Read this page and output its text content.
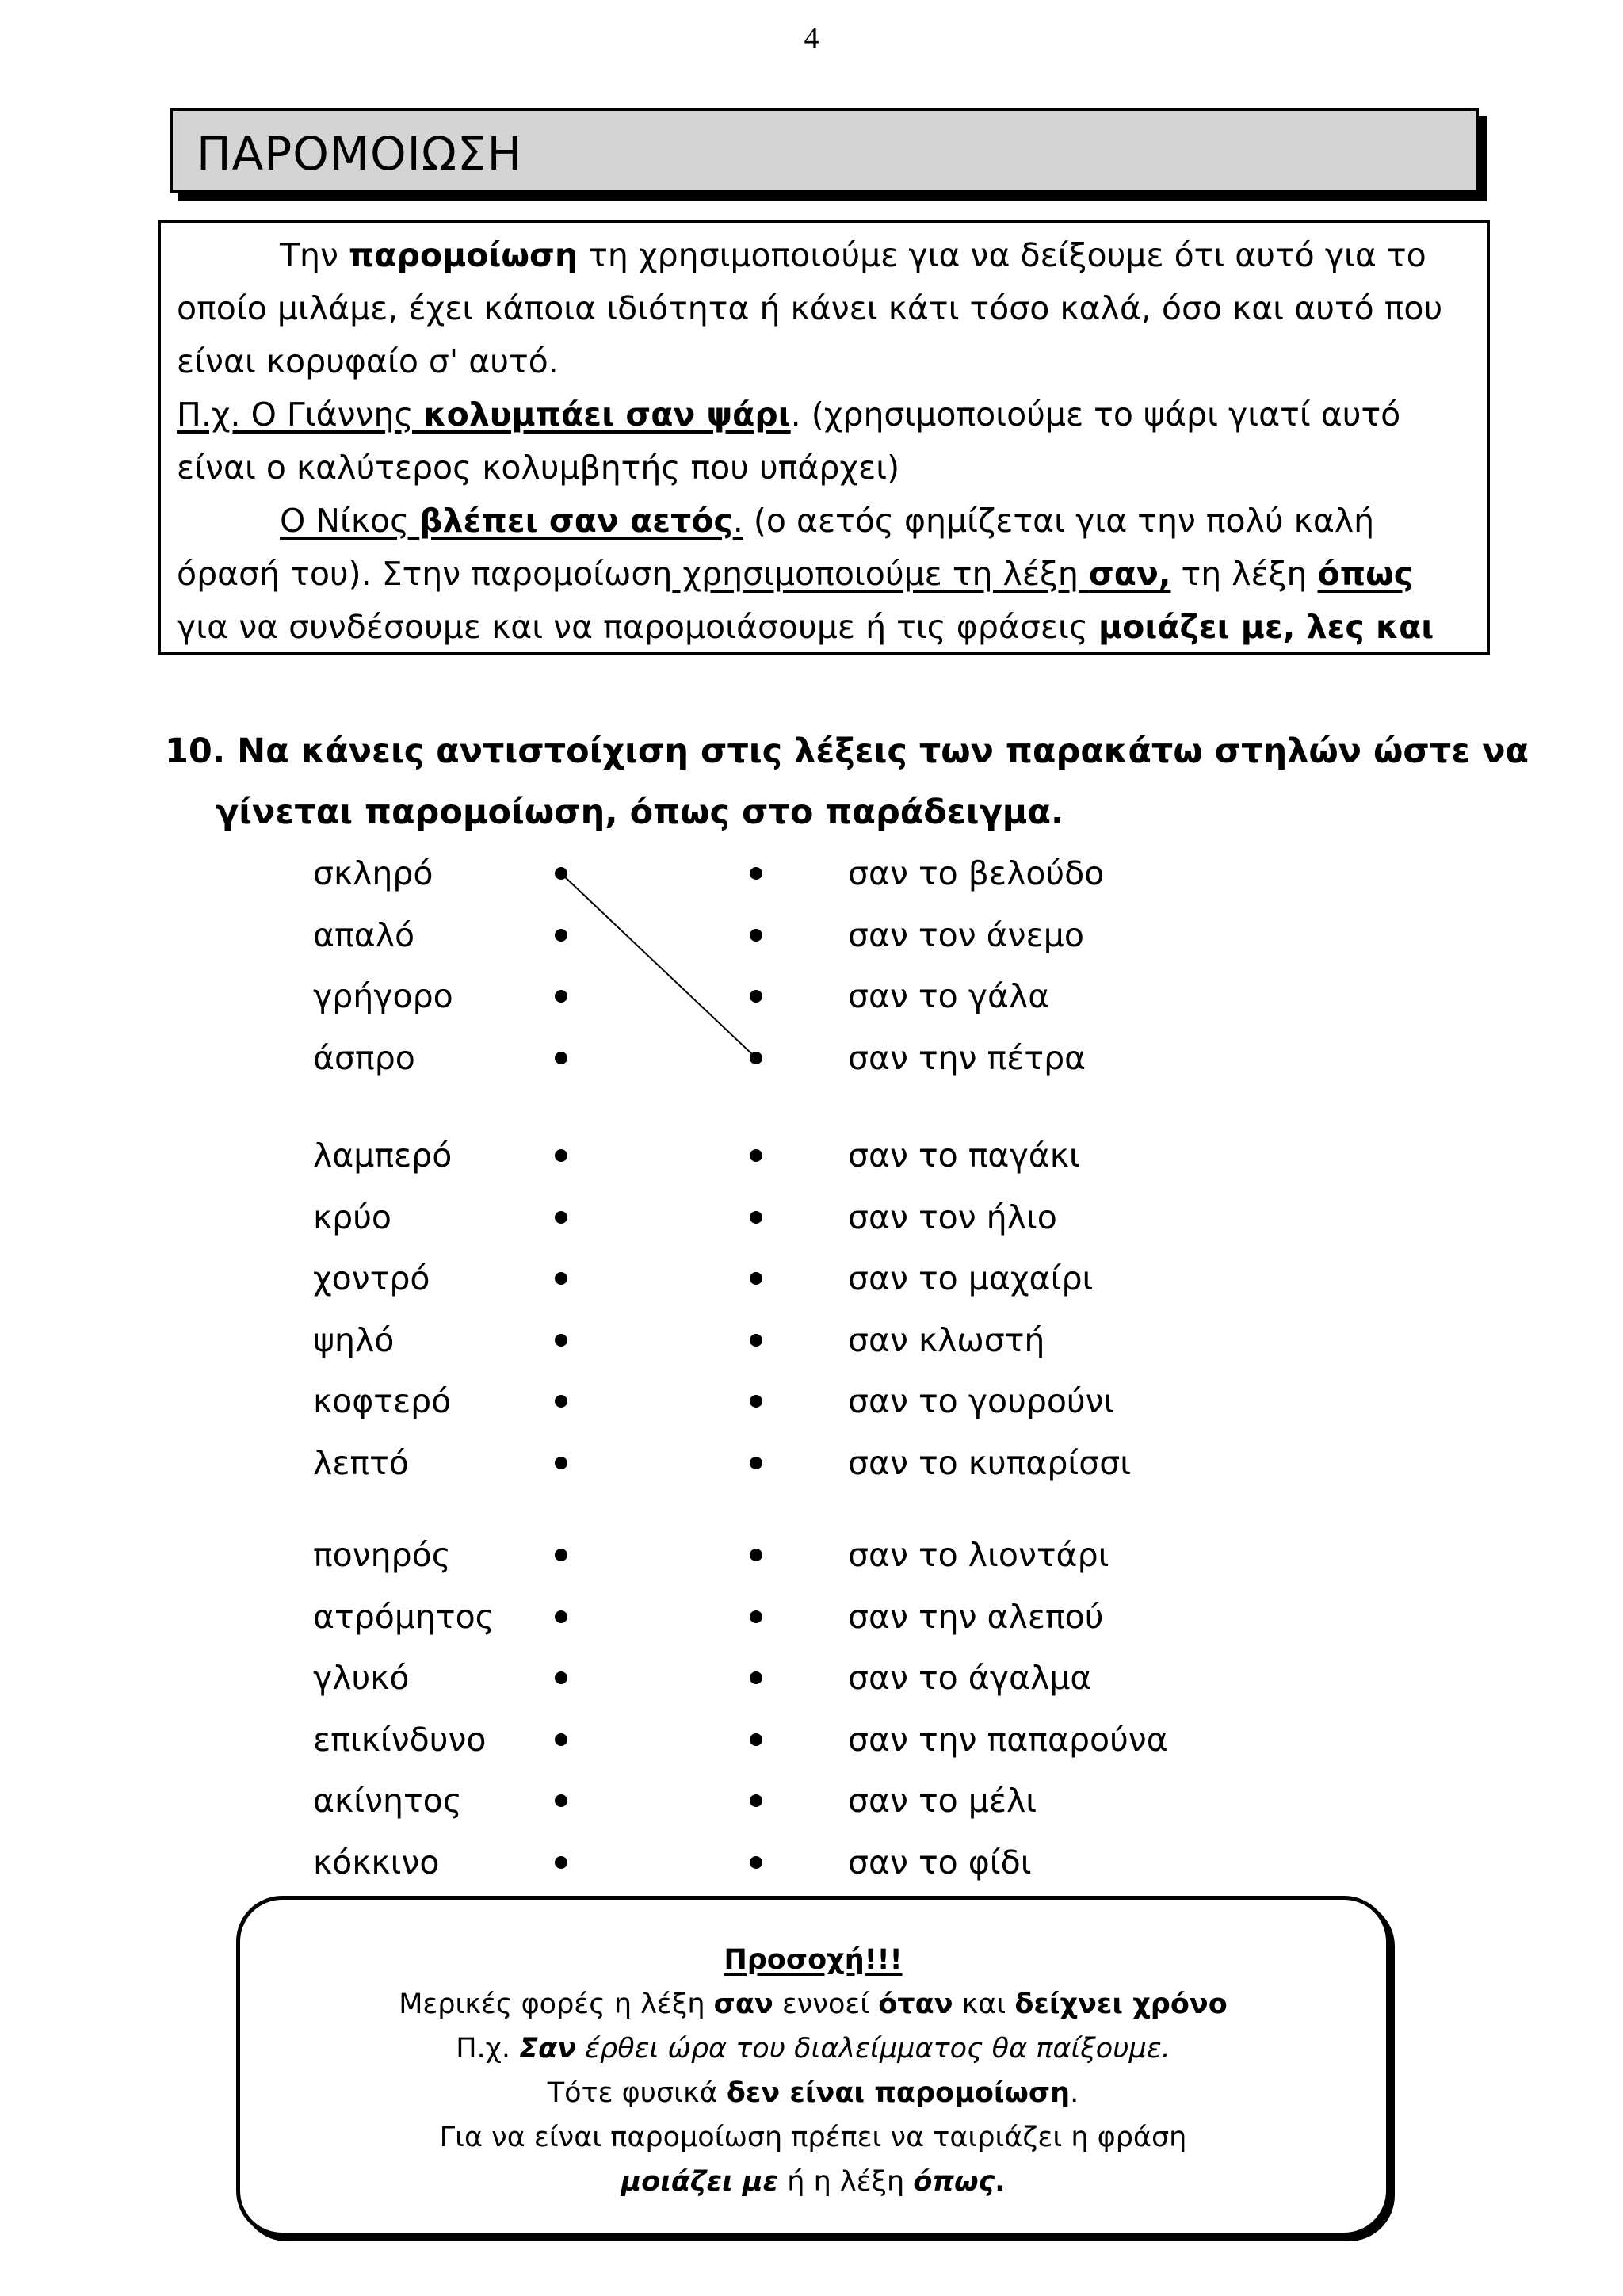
4
ΠΑΡΟΜΟΙΩΣΗ

Την παρομοίωση τη χρησιμοποιούμε για να δείξουμε ότι αυτό για το

οποίο μιλάμε, έχει κάποια ιδιότητα ή κάνει κάτι τόσο καλά, όσο και αυτό που

είναι κορυφαίο σ' αυτό.

Π.χ. Ο Γιάννης κολυμπάει σαν ψάρι. (χρησιμοποιούμε το ψάρι γιατί αυτό

είναι ο καλύτερος κολυμβητής που υπάρχει)

Ο Νίκος βλέπει σαν αετός. (ο αετός φημίζεται για την πολύ καλή

όρασή του). Στην παρομοίωση χρησιμοποιούμε τη λέξη σαν, τη λέξη όπως

για να συνδέσουμε και να παρομοιάσουμε ή τις φράσεις μοιάζει με, λες και

10. Να κάνεις αντιστοίχιση στις λέξεις των παρακάτω στηλών ώστε να
γίνεται παρομοίωση, όπως στο παράδειγμα.
σκληρό	σαν το βελούδο
απαλό	σαν τον άνεμο
γρήγορο	σαν το γάλα
άσπρο	σαν την πέτρα
λαμπερό	σαν το παγάκι
κρύο	σαν τον ήλιο
χοντρό	σαν το μαχαίρι
ψηλό	σαν κλωστή
κοφτερό	σαν το γουρούνι
λεπτό	σαν το κυπαρίσσι
πονηρός	σαν το λιοντάρι
ατρόμητος	σαν την αλεπού
γλυκό	σαν το άγαλμα
επικίνδυνο	σαν την παπαρούνα
ακίνητος	σαν το μέλι
κόκκινο	σαν το φίδι

Προσοχή!!!

Μερικές φορές η λέξη σαν εννοεί όταν και δείχνει χρόνο

Π.χ. Σαν έρθει ώρα του διαλείμματος θα παίξουμε.

Τότε φυσικά δεν είναι παρομοίωση.

Για να είναι παρομοίωση πρέπει να ταιριάζει η φράση

μοιάζει με ή η λέξη όπως.
